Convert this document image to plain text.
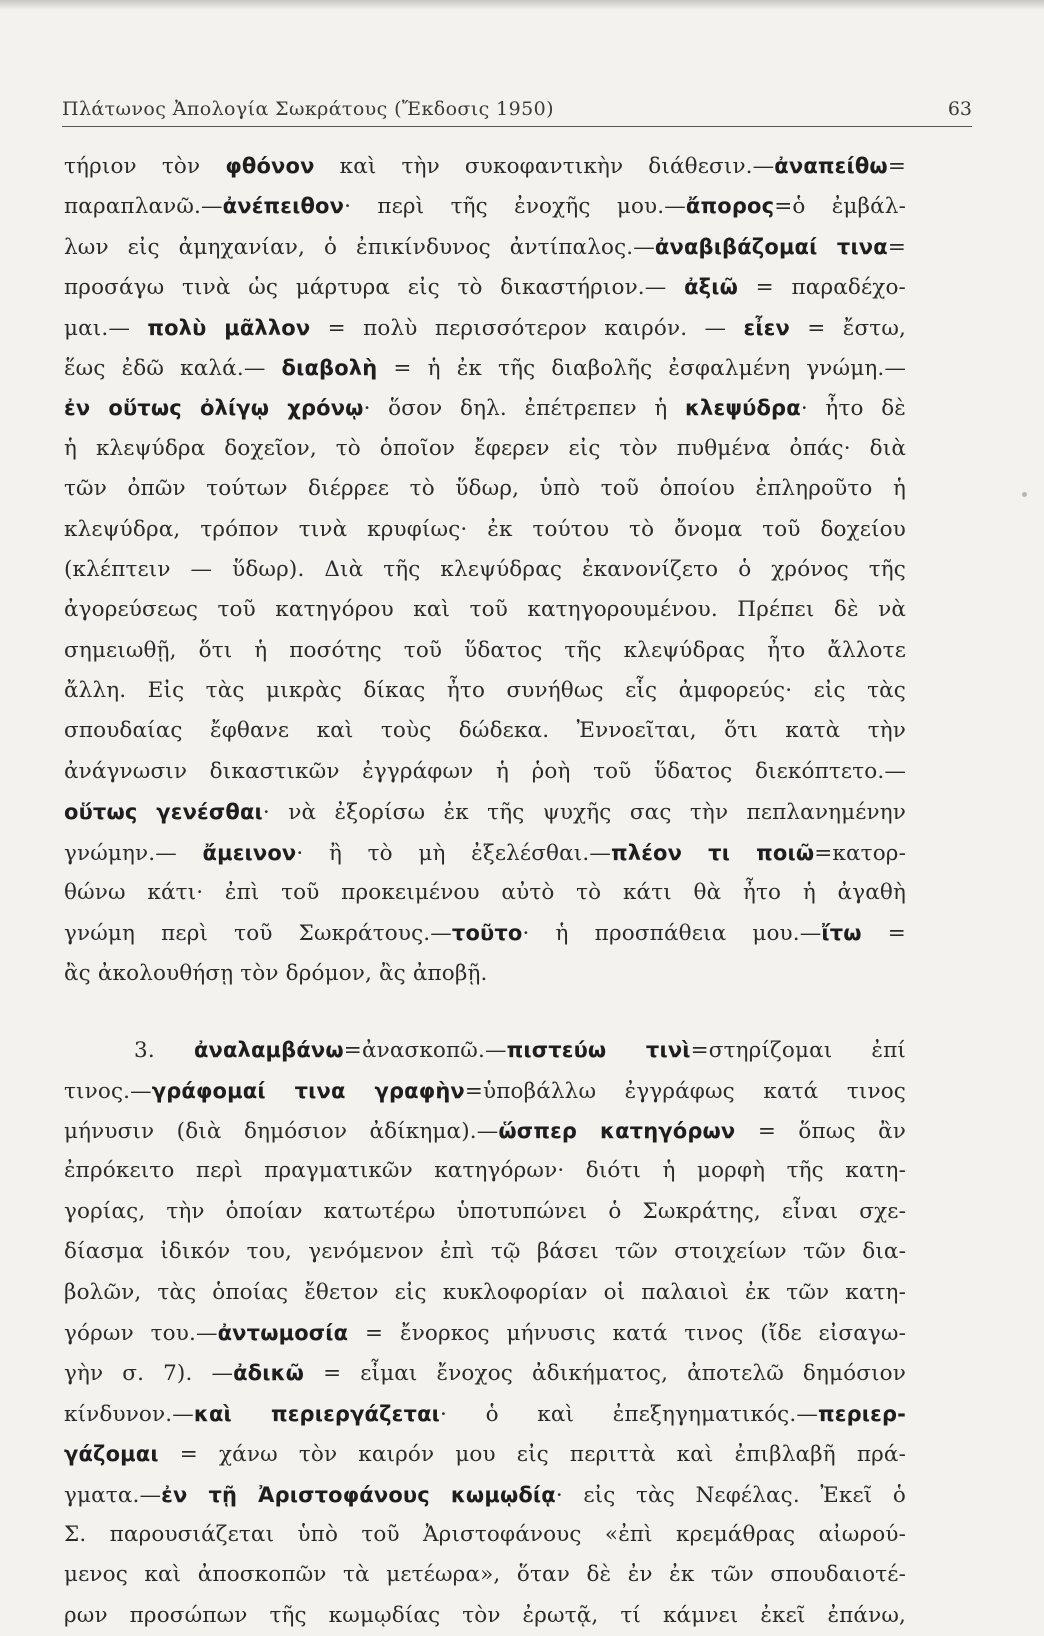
Πλάτωνος Ἀπολογία Σωκράτους (Ἔκδοσις 1950)	63
τήριον τὸν φθόνον καὶ τὴν συκοφαντικὴν διάθεσιν.—ἀναπείθω=
παραπλανῶ.—ἀνέπειθον· περὶ τῆς ἐνοχῆς μου.—ἄπορος=ὁ ἐμβάλ-
λων εἰς ἀμηχανίαν, ὁ ἐπικίνδυνος ἀντίπαλος.—ἀναβιβάζομαί τινα=
προσάγω τινὰ ὡς μάρτυρα εἰς τὸ δικαστήριον.— ἀξιῶ = παραδέχο-
μαι.— πολὺ μᾶλλον = πολὺ περισσότερον καιρόν. — εἶεν = ἔστω,
ἕως ἐδῶ καλά.— διαβολὴ = ἡ ἐκ τῆς διαβολῆς ἐσφαλμένη γνώμη.—
ἐν οὕτως ὀλίγῳ χρόνῳ· ὅσον δηλ. ἐπέτρεπεν ἡ κλεψύδρα· ἦτο δὲ
ἡ κλεψύδρα δοχεῖον, τὸ ὁποῖον ἔφερεν εἰς τὸν πυθμένα ὀπάς· διὰ
τῶν ὀπῶν τούτων διέρρεε τὸ ὕδωρ, ὑπὸ τοῦ ὁποίου ἐπληροῦτο ἡ
κλεψύδρα, τρόπον τινὰ κρυφίως· ἐκ τούτου τὸ ὄνομα τοῦ δοχείου
(κλέπτειν — ὕδωρ). Διὰ τῆς κλεψύδρας ἐκανονίζετο ὁ χρόνος τῆς
ἀγορεύσεως τοῦ κατηγόρου καὶ τοῦ κατηγορουμένου. Πρέπει δὲ νὰ
σημειωθῇ, ὅτι ἡ ποσότης τοῦ ὕδατος τῆς κλεψύδρας ἦτο ἄλλοτε
ἄλλη. Εἰς τὰς μικρὰς δίκας ἦτο συνήθως εἷς ἀμφορεύς· εἰς τὰς
σπουδαίας ἔφθανε καὶ τοὺς δώδεκα. Ἐννοεῖται, ὅτι κατὰ τὴν
ἀνάγνωσιν δικαστικῶν ἐγγράφων ἡ ῥοὴ τοῦ ὕδατος διεκόπτετο.—
οὕτως γενέσθαι· νὰ ἐξορίσω ἐκ τῆς ψυχῆς σας τὴν πεπλανημένην
γνώμην.— ἄμεινον· ἢ τὸ μὴ ἐξελέσθαι.—πλέον τι ποιῶ=κατορ-
θώνω κάτι· ἐπὶ τοῦ προκειμένου αὐτὸ τὸ κάτι θὰ ἦτο ἡ ἀγαθὴ
γνώμη περὶ τοῦ Σωκράτους.—τοῦτο· ἡ προσπάθεια μου.—ἴτω =
ἂς ἀκολουθήσῃ τὸν δρόμον, ἂς ἀποβῇ.
3. ἀναλαμβάνω=ἀνασκοπῶ.—πιστεύω τινὶ=στηρίζομαι ἐπί
τινος.—γράφομαί τινα γραφὴν=ὑποβάλλω ἐγγράφως κατά τινος
μήνυσιν (διὰ δημόσιον ἀδίκημα).—ὥσπερ κατηγόρων = ὅπως ἂν
ἐπρόκειτο περὶ πραγματικῶν κατηγόρων· διότι ἡ μορφὴ τῆς κατη-
γορίας, τὴν ὁποίαν κατωτέρω ὑποτυπώνει ὁ Σωκράτης, εἶναι σχε-
δίασμα ἰδικόν του, γενόμενον ἐπὶ τῷ βάσει τῶν στοιχείων τῶν δια-
βολῶν, τὰς ὁποίας ἔθετον εἰς κυκλοφορίαν οἱ παλαιοὶ ἐκ τῶν κατη-
γόρων του.—ἀντωμοσία = ἔνορκος μήνυσις κατά τινος (ἴδε εἰσαγω-
γὴν σ. 7). —ἀδικῶ = εἶμαι ἔνοχος ἀδικήματος, ἀποτελῶ δημόσιον
κίνδυνον.—καὶ περιεργάζεται· ὁ καὶ ἐπεξηγηματικός.—περιερ-
γάζομαι = χάνω τὸν καιρόν μου εἰς περιττὰ καὶ ἐπιβλαβῆ πρά-
γματα.—ἐν τῇ Ἀριστοφάνους κωμῳδίᾳ· εἰς τὰς Νεφέλας. Ἐκεῖ ὁ
Σ. παρουσιάζεται ὑπὸ τοῦ Ἀριστοφάνους «ἐπὶ κρεμάθρας αἰωρού-
μενος καὶ ἀποσκοπῶν τὰ μετέωρα», ὅταν δὲ ἐν ἐκ τῶν σπουδαιοτέ-
ρων προσώπων τῆς κωμῳδίας τὸν ἐρωτᾷ, τί κάμνει ἐκεῖ ἐπάνω,
